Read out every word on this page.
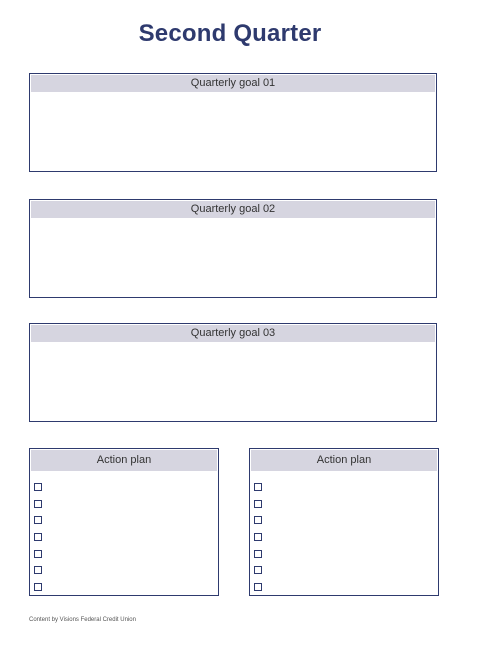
Second Quarter
Quarterly goal 01
Quarterly goal 02
Quarterly goal 03
Action plan	Action plan
Content by Visions Federal Credit Union
